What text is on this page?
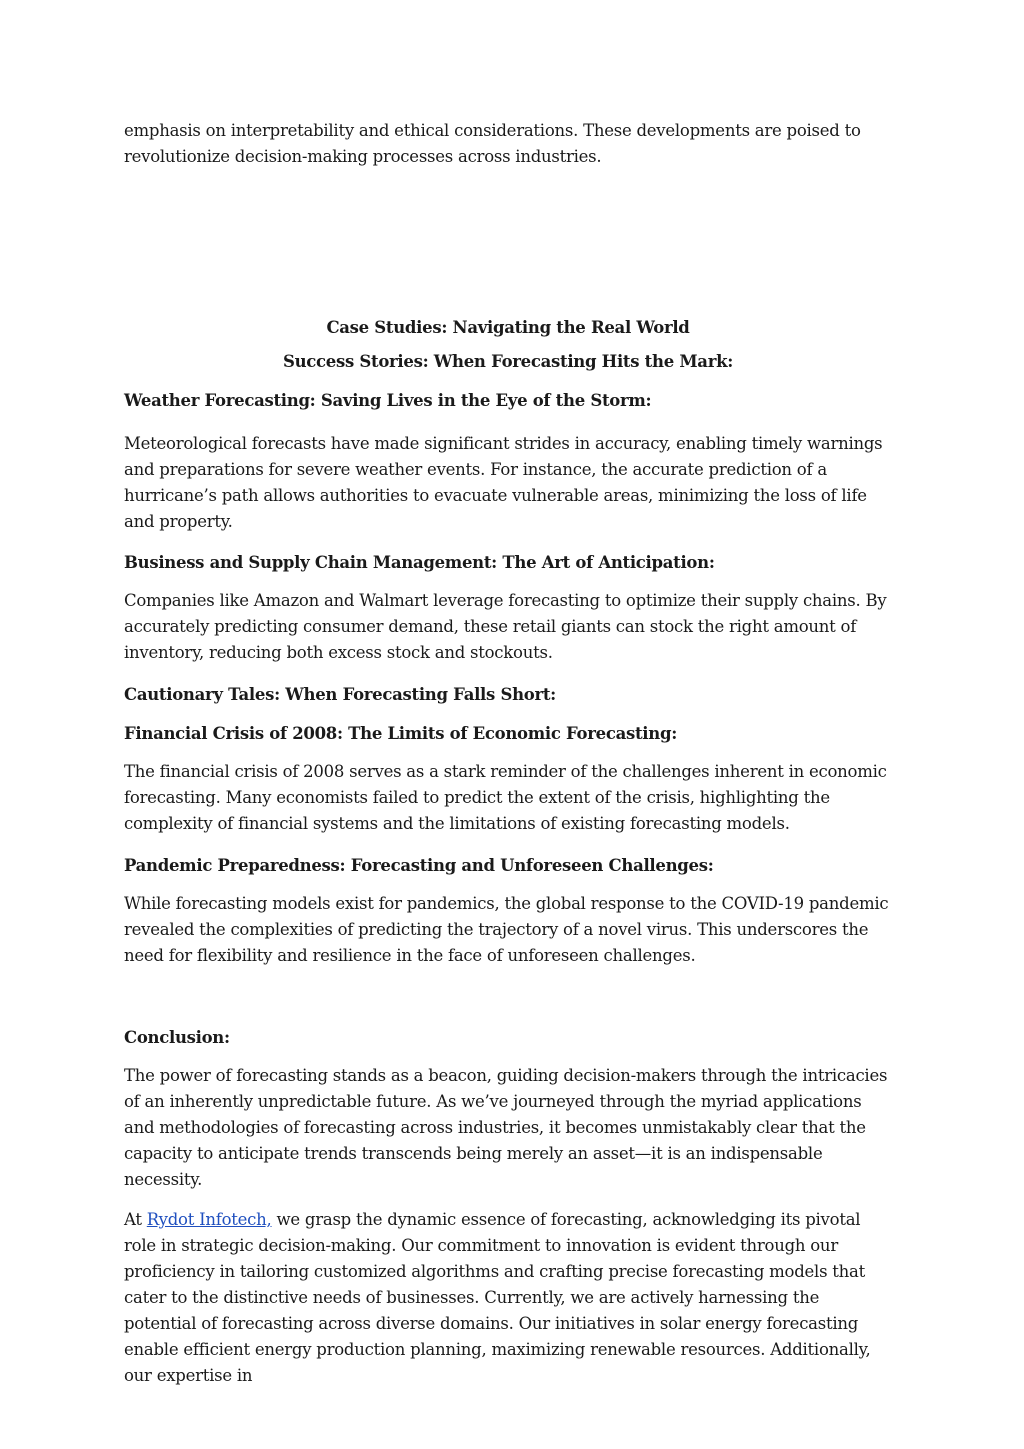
emphasis on interpretability and ethical considerations. These developments are poised to revolutionize decision-making processes across industries.

Case Studies: Navigating the Real World

Success Stories: When Forecasting Hits the Mark:

Weather Forecasting: Saving Lives in the Eye of the Storm:

Meteorological forecasts have made significant strides in accuracy, enabling timely warnings and preparations for severe weather events. For instance, the accurate prediction of a hurricane’s path allows authorities to evacuate vulnerable areas, minimizing the loss of life and property.

Business and Supply Chain Management: The Art of Anticipation:

Companies like Amazon and Walmart leverage forecasting to optimize their supply chains. By accurately predicting consumer demand, these retail giants can stock the right amount of inventory, reducing both excess stock and stockouts.

Cautionary Tales: When Forecasting Falls Short:

Financial Crisis of 2008: The Limits of Economic Forecasting:

The financial crisis of 2008 serves as a stark reminder of the challenges inherent in economic forecasting. Many economists failed to predict the extent of the crisis, highlighting the complexity of financial systems and the limitations of existing forecasting models.

Pandemic Preparedness: Forecasting and Unforeseen Challenges:

While forecasting models exist for pandemics, the global response to the COVID-19 pandemic revealed the complexities of predicting the trajectory of a novel virus. This underscores the need for flexibility and resilience in the face of unforeseen challenges.

Conclusion:

The power of forecasting stands as a beacon, guiding decision-makers through the intricacies of an inherently unpredictable future. As we’ve journeyed through the myriad applications and methodologies of forecasting across industries, it becomes unmistakably clear that the capacity to anticipate trends transcends being merely an asset—it is an indispensable necessity.

At Rydot Infotech, we grasp the dynamic essence of forecasting, acknowledging its pivotal role in strategic decision-making. Our commitment to innovation is evident through our proficiency in tailoring customized algorithms and crafting precise forecasting models that cater to the distinctive needs of businesses. Currently, we are actively harnessing the potential of forecasting across diverse domains. Our initiatives in solar energy forecasting enable efficient energy production planning, maximizing renewable resources. Additionally, our expertise in
